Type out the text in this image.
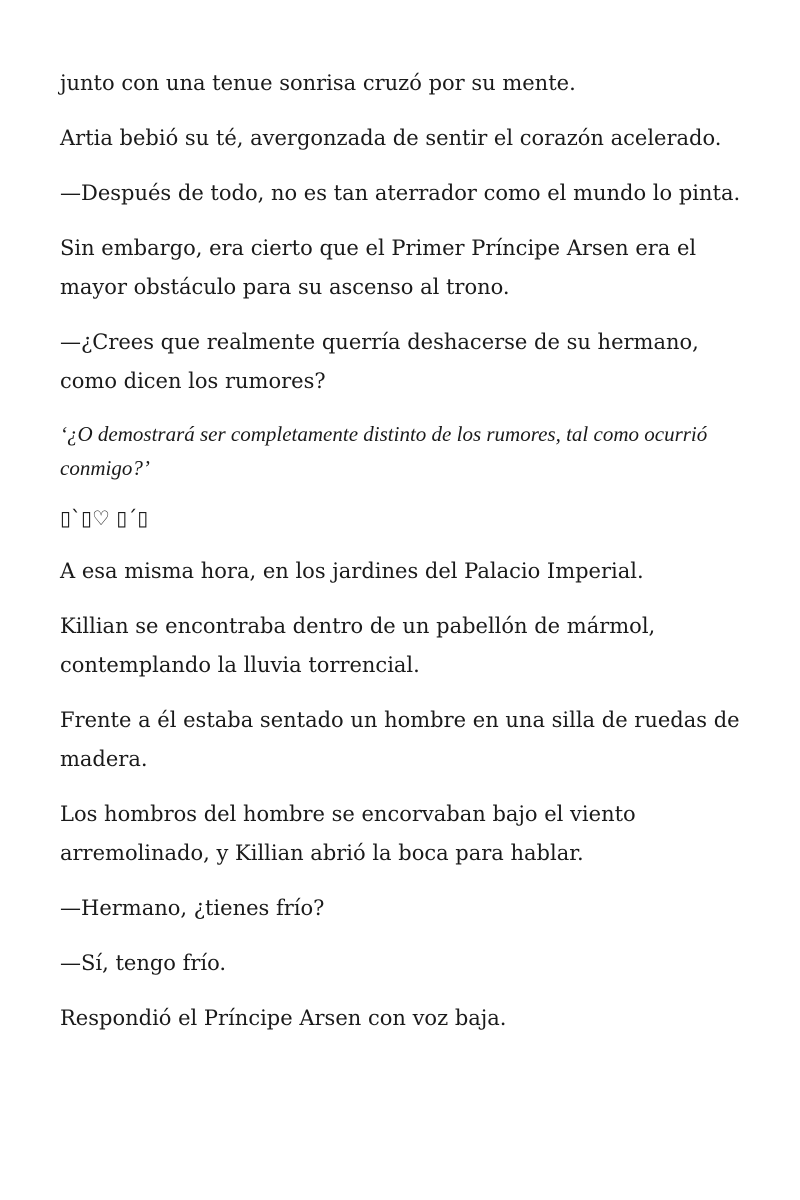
junto con una tenue sonrisa cruzó por su mente.

Artia bebió su té, avergonzada de sentir el corazón acelerado.

—Después de todo, no es tan aterrador como el mundo lo pinta.

Sin embargo, era cierto que el Primer Príncipe Arsen era el mayor obstáculo para su ascenso al trono.

—¿Crees que realmente querría deshacerse de su hermano, como dicen los rumores?

‘¿O demostrará ser completamente distinto de los rumores, tal como ocurrió conmigo?’

▯`▯♡ ▯´▯

A esa misma hora, en los jardines del Palacio Imperial.

Killian se encontraba dentro de un pabellón de mármol, contemplando la lluvia torrencial.

Frente a él estaba sentado un hombre en una silla de ruedas de madera.

Los hombros del hombre se encorvaban bajo el viento arremolinado, y Killian abrió la boca para hablar.

—Hermano, ¿tienes frío?

—Sí, tengo frío.

Respondió el Príncipe Arsen con voz baja.
